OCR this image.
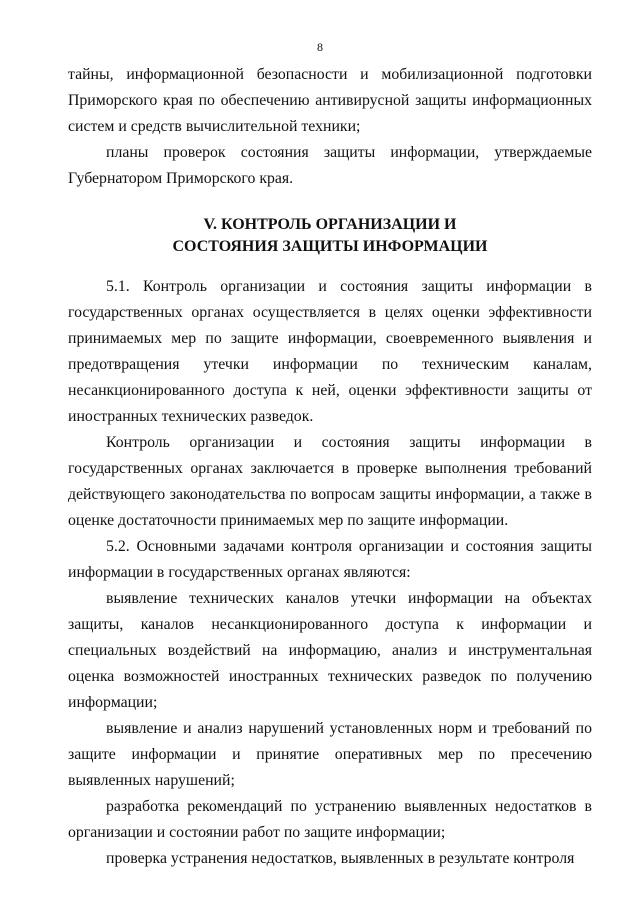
8

тайны, информационной безопасности и мобилизационной подготовки Приморского края по обеспечению антивирусной защиты информационных систем и средств вычислительной техники;

планы проверок состояния защиты информации, утверждаемые Губернатором Приморского края.

V. КОНТРОЛЬ ОРГАНИЗАЦИИ И
СОСТОЯНИЯ ЗАЩИТЫ ИНФОРМАЦИИ

5.1. Контроль организации и состояния защиты информации в государственных органах осуществляется в целях оценки эффективности принимаемых мер по защите информации, своевременного выявления и предотвращения утечки информации по техническим каналам, несанкционированного доступа к ней, оценки эффективности защиты от иностранных технических разведок.

Контроль организации и состояния защиты информации в государственных органах заключается в проверке выполнения требований действующего законодательства по вопросам защиты информации, а также в оценке достаточности принимаемых мер по защите информации.

5.2. Основными задачами контроля организации и состояния защиты информации в государственных органах являются:

выявление технических каналов утечки информации на объектах защиты, каналов несанкционированного доступа к информации и специальных воздействий на информацию, анализ и инструментальная оценка возможностей иностранных технических разведок по получению информации;

выявление и анализ нарушений установленных норм и требований по защите информации и принятие оперативных мер по пресечению выявленных нарушений;

разработка рекомендаций по устранению выявленных недостатков в организации и состоянии работ по защите информации;

проверка устранения недостатков, выявленных в результате контроля
